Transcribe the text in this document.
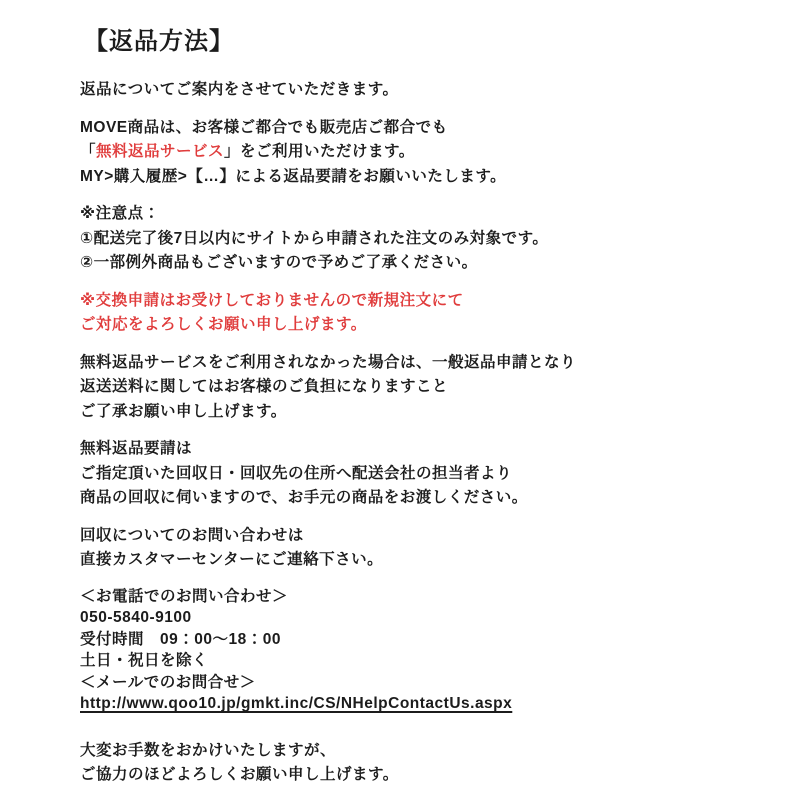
【返品方法】

返品についてご案内をさせていただきます。

MOVE商品は、お客様ご都合でも販売店ご都合でも
「無料返品サービス」をご利用いただけます。
MY>購入履歴>【…】による返品要請をお願いいたします。

※注意点：
①配送完了後7日以内にサイトから申請された注文のみ対象です。
②一部例外商品もございますので予めご了承ください。

※交換申請はお受けしておりませんので新規注文にて
ご対応をよろしくお願い申し上げます。

無料返品サービスをご利用されなかった場合は、一般返品申請となり
返送送料に関してはお客様のご負担になりますこと
ご了承お願い申し上げます。

無料返品要請は
ご指定頂いた回収日・回収先の住所へ配送会社の担当者より
商品の回収に伺いますので、お手元の商品をお渡しください。

回収についてのお問い合わせは
直接カスタマーセンターにご連絡下さい。

＜お電話でのお問い合わせ＞
050-5840-9100
受付時間　09：00〜18：00
土日・祝日を除く
＜メールでのお問合せ＞
http://www.qoo10.jp/gmkt.inc/CS/NHelpContactUs.aspx

大変お手数をおかけいたしますが、
ご協力のほどよろしくお願い申し上げます。
